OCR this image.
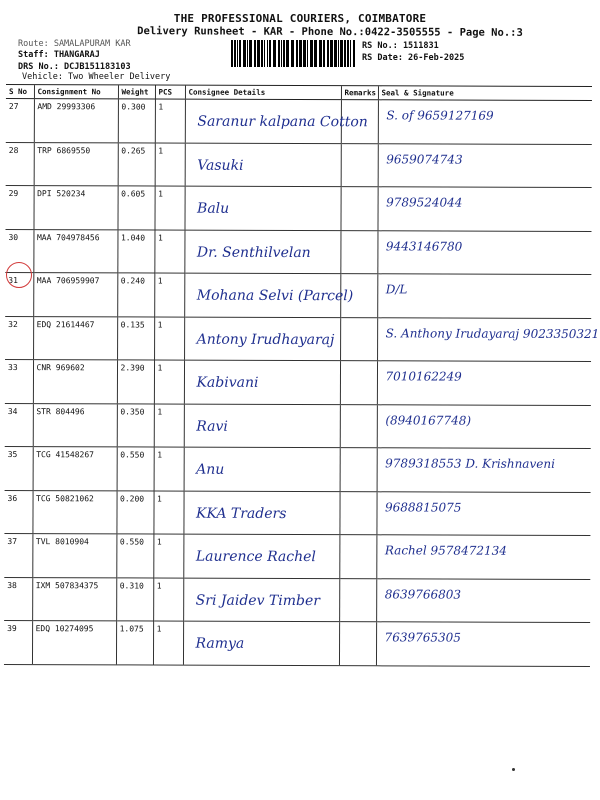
THE PROFESSIONAL COURIERS, COIMBATORE
Delivery Runsheet - KAR - Phone No.:0422-3505555 - Page No.:3
Route: SAMALAPURAM KAR
Staff: THANGARAJ
DRS No.: DCJB151183103
Vehicle: Two Wheeler Delivery
RS No.: 1511831
RS Date: 26-Feb-2025
S No	Consignment No	Weight	PCS	Consignee Details	Remarks	Seal & Signature
27	AMD 29993306	0.300	1	Saranur kalpana Cotton		S. of 9659127169

28	TRP 6869550	0.265	1	Vasuki		9659074743

29	DPI 520234	0.605	1	Balu		9789524044

30	MAA 704978456	1.040	1	Dr. Senthilvelan		9443146780

31	MAA 706959907	0.240	1	Mohana Selvi (Parcel)		D/L

32	EDQ 21614467	0.135	1	Antony Irudhayaraj		S. Anthony Irudayaraj 9023350321

33	CNR 969602	2.390	1	Kabivani		7010162249

34	STR 804496	0.350	1	Ravi		(8940167748)

35	TCG 41548267	0.550	1	Anu		9789318553 D. Krishnaveni

36	TCG 50821062	0.200	1	KKA Traders		9688815075

37	TVL 8010904	0.550	1	Laurence Rachel		Rachel 9578472134

38	IXM 507834375	0.310	1	Sri Jaidev Timber		8639766803

39	EDQ 10274095	1.075	1	Ramya		7639765305
